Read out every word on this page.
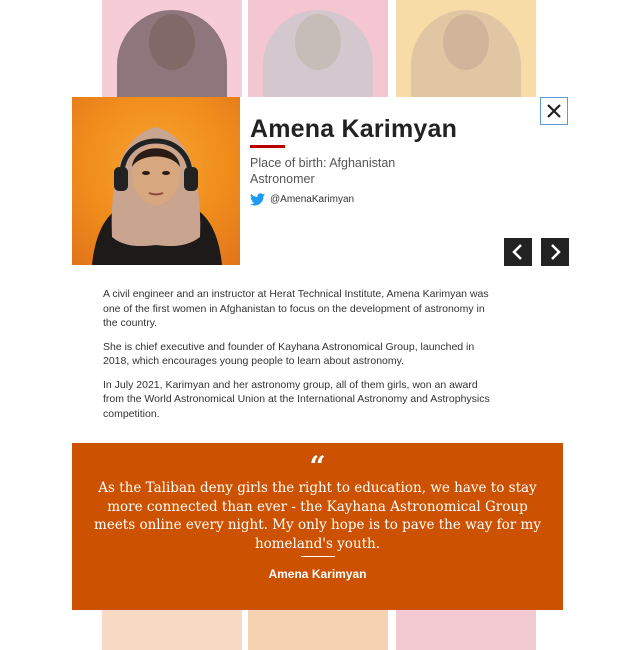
Amena Karimyan
Place of birth: Afghanistan
Astronomer
@AmenaKarimyan

A civil engineer and an instructor at Herat Technical Institute, Amena Karimyan was one of the first women in Afghanistan to focus on the development of astronomy in the country.

She is chief executive and founder of Kayhana Astronomical Group, launched in 2018, which encourages young people to learn about astronomy.

In July 2021, Karimyan and her astronomy group, all of them girls, won an award from the World Astronomical Union at the International Astronomy and Astrophysics competition.

“
As the Taliban deny girls the right to education, we have to stay more connected than ever - the Kayhana Astronomical Group meets online every night. My only hope is to pave the way for my homeland's youth.
Amena Karimyan
